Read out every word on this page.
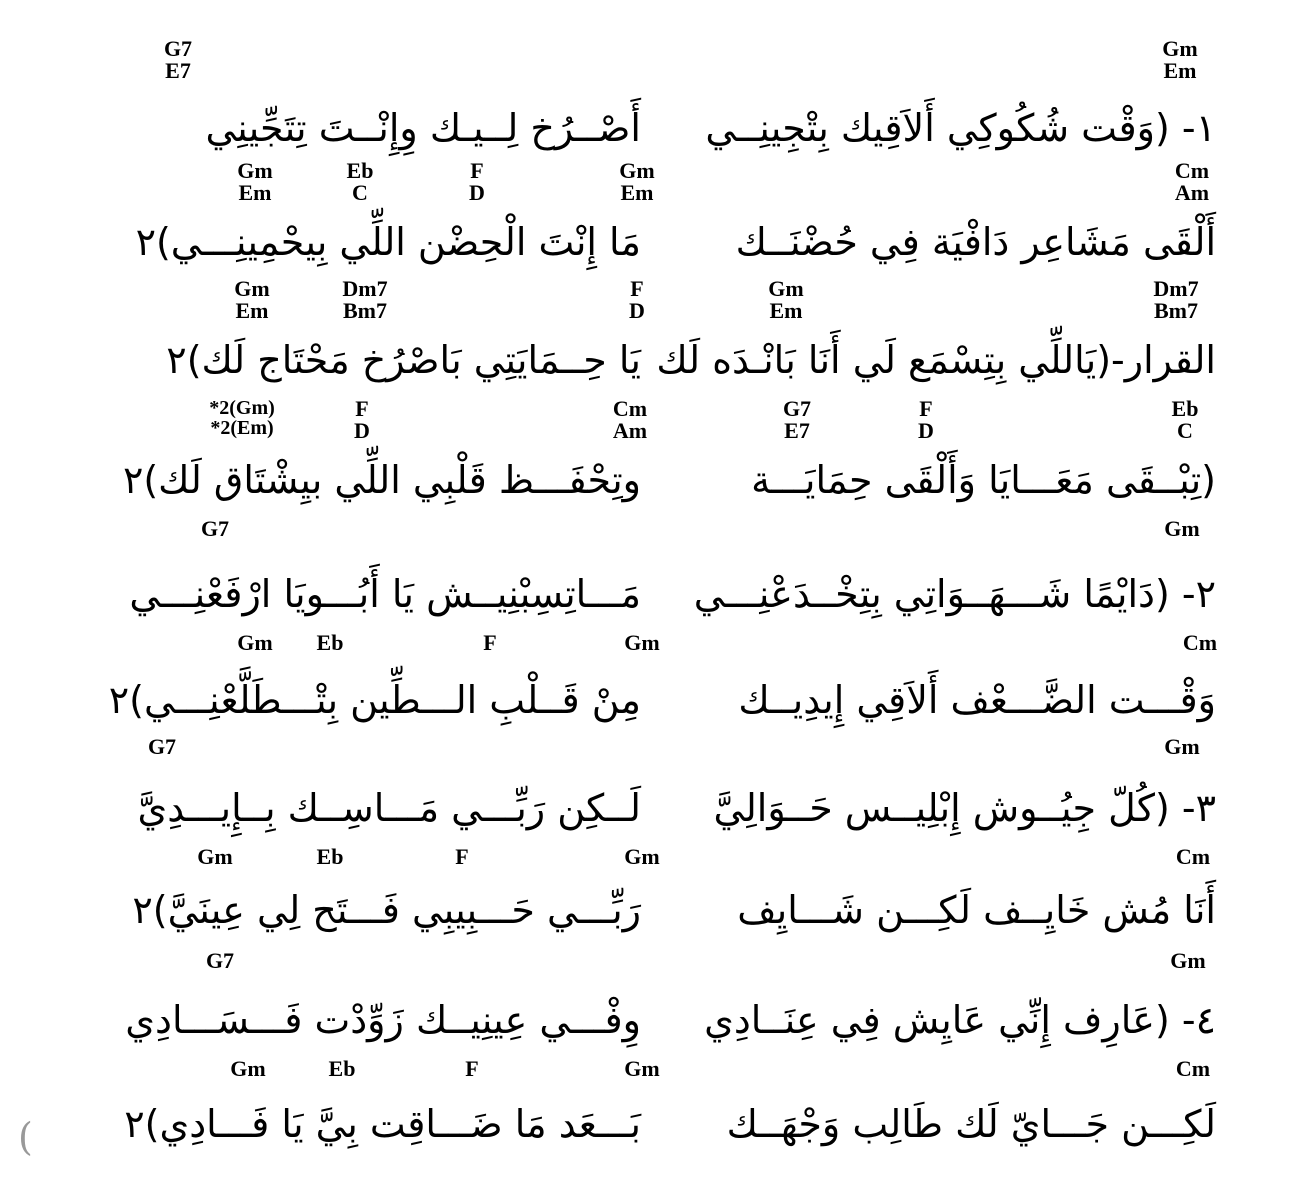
G7
E7
Gm
Em
١- (وَقْت شُكُوكِي أَلاَقِيك بِتْجِينِــي
أَصْــرُخ لِــيـك وِإِنْــتَ تِتَجِّينِي
Gm
Em
Eb
C
F
D
Gm
Em
Cm
Am
أَلْقَى مَشَاعِر دَافْيَة فِي حُضْنَــك
مَا إِنْتَ الْحِضْن اللِّي بِيحْمِينِـــي)٢
Gm
Em
Dm7
Bm7
F
D
Gm
Em
Dm7
Bm7
القرار-(يَاللِّي بِتِسْمَع لَي أَنَا بَانْـدَه لَك
يَا حِــمَايَتِي بَاصْرُخ مَحْتَاج لَك)٢
*2(Gm)
*2(Em)
F
D
Cm
Am
G7
E7
F
D
Eb
C
(تِبْــقَى مَعَـــايَا وَأَلْقَى حِمَايَـــة
وتِحْفَـــظ قَلْبِي اللِّي بيِشْتَاق لَك)٢
G7	Gm
٢- (دَايْمًا شَـــهَــوَاتِي بِتِخْــدَعْنِـــي
مَـــاتِسِبْنِيــش يَا أَبُـــويَا ارْفَعْنِـــي
Gm Eb	F	Gm	Cm
وَقْـــت الضَّـــعْف أَلاَقِي إِيدِيــك
مِنْ قَــلْبِ الـــطِّين بِتْـــطَلَّعْنِـــي)٢
G7	Gm
٣- (كُلّ جِيُــوش إِبْلِيــس حَــوَالِيَّ
لَــكِن رَبِّـــي مَـــاسِــك بِــإِيـــدِيَّ
Gm	Eb	F	Gm	Cm
أَنَا مُش خَايِــف لَكِـــن شَـــايِف
رَبِّـــي حَـــبِيبِي فَـــتَح لِي عِينَيَّ)٢
G7	Gm
٤- (عَارِف إِنِّي عَايِش فِي عِنَــادِي
وِفْـــي عِينِيــك زَوِّدْت فَـــسَـــادِي
Gm	Eb	F	Gm	Cm
لَكِـــن جَـــايّ لَك طَالِب وَجْهَــك
بَـــعَد مَا ضَـــاقِت بِيَّ يَا فَـــادِي)٢
(
